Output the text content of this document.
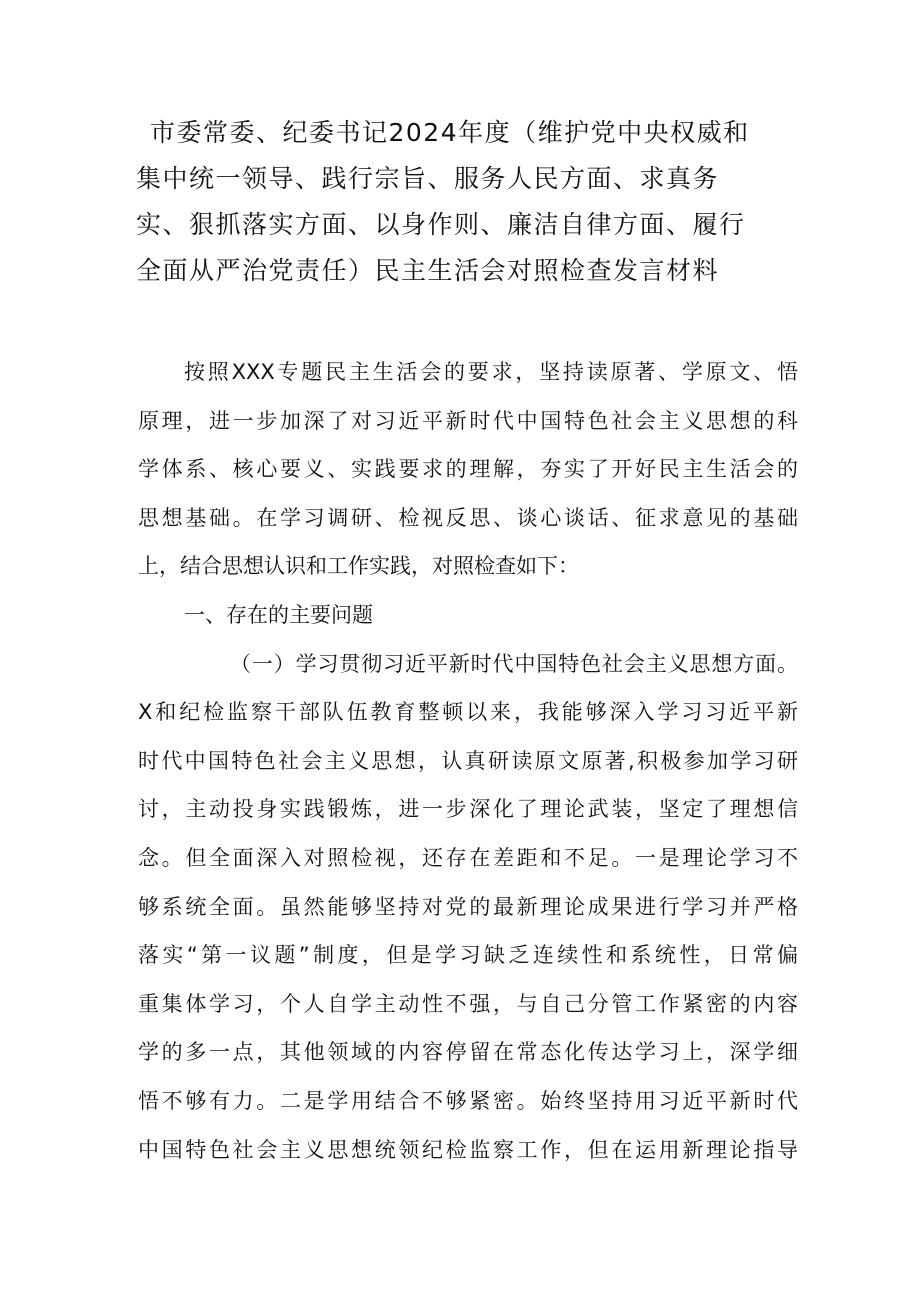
市委常委、纪委书记2024年度（维护党中央权威和
集中统一领导、践行宗旨、服务人民方面、求真务
实、狠抓落实方面、以身作则、廉洁自律方面、履行
全面从严治党责任）民主生活会对照检查发言材料
按照XXX专题民主生活会的要求，坚持读原著、学原文、悟
原理，进一步加深了对习近平新时代中国特色社会主义思想的科
学体系、核心要义、实践要求的理解，夯实了开好民主生活会的
思想基础。在学习调研、检视反思、谈心谈话、征求意见的基础
上，结合思想认识和工作实践，对照检查如下：
一、存在的主要问题
（一）学习贯彻习近平新时代中国特色社会主义思想方面。
X和纪检监察干部队伍教育整顿以来，我能够深入学习习近平新
时代中国特色社会主义思想，认真研读原文原著,积极参加学习研
讨，主动投身实践锻炼，进一步深化了理论武装，坚定了理想信
念。但全面深入对照检视，还存在差距和不足。一是理论学习不
够系统全面。虽然能够坚持对党的最新理论成果进行学习并严格
落实“第一议题”制度，但是学习缺乏连续性和系统性，日常偏
重集体学习，个人自学主动性不强，与自己分管工作紧密的内容
学的多一点，其他领域的内容停留在常态化传达学习上，深学细
悟不够有力。二是学用结合不够紧密。始终坚持用习近平新时代
中国特色社会主义思想统领纪检监察工作，但在运用新理论指导
